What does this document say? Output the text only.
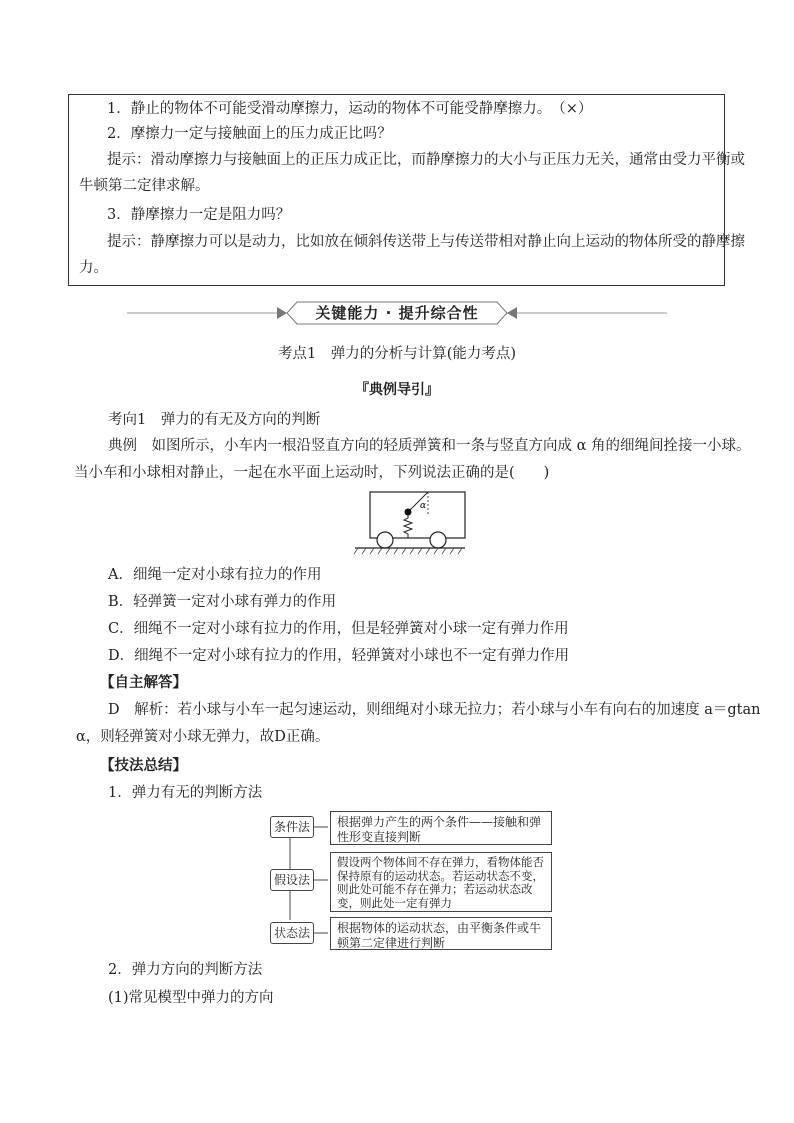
1．静止的物体不可能受滑动摩擦力，运动的物体不可能受静摩擦力。　（×）
2．摩擦力一定与接触面上的压力成正比吗？
提示：滑动摩擦力与接触面上的正压力成正比，而静摩擦力的大小与正压力无关，通常由受力平衡或
牛顿第二定律求解。
3．静摩擦力一定是阻力吗？
提示：静摩擦力可以是动力，比如放在倾斜传送带上与传送带相对静止向上运动的物体所受的静摩擦
力。
关键能力 · 提升综合性
考点1　弹力的分析与计算(能力考点)
『典例导引』
考向1　弹力的有无及方向的判断
典例　如图所示，小车内一根沿竖直方向的轻质弹簧和一条与竖直方向成 α 角的细绳间拴接一小球。
当小车和小球相对静止，一起在水平面上运动时，下列说法正确的是(　　)
α
A．细绳一定对小球有拉力的作用
B．轻弹簧一定对小球有弹力的作用
C．细绳不一定对小球有拉力的作用，但是轻弹簧对小球一定有弹力作用
D．细绳不一定对小球有拉力的作用，轻弹簧对小球也不一定有弹力作用
【自主解答】
D　解析：若小球与小车一起匀速运动，则细绳对小球无拉力；若小球与小车有向右的加速度 a＝gtan
α，则轻弹簧对小球无弹力，故D正确。
【技法总结】
1．弹力有无的判断方法
条件法
假设法
状态法
根据弹力产生的两个条件——接触和弹性形变直接判断
假设两个物体间不存在弹力，看物体能否保持原有的运动状态。若运动状态不变，则此处可能不存在弹力；若运动状态改变，则此处一定有弹力
根据物体的运动状态，由平衡条件或牛顿第二定律进行判断
2．弹力方向的判断方法
(1)常见模型中弹力的方向
